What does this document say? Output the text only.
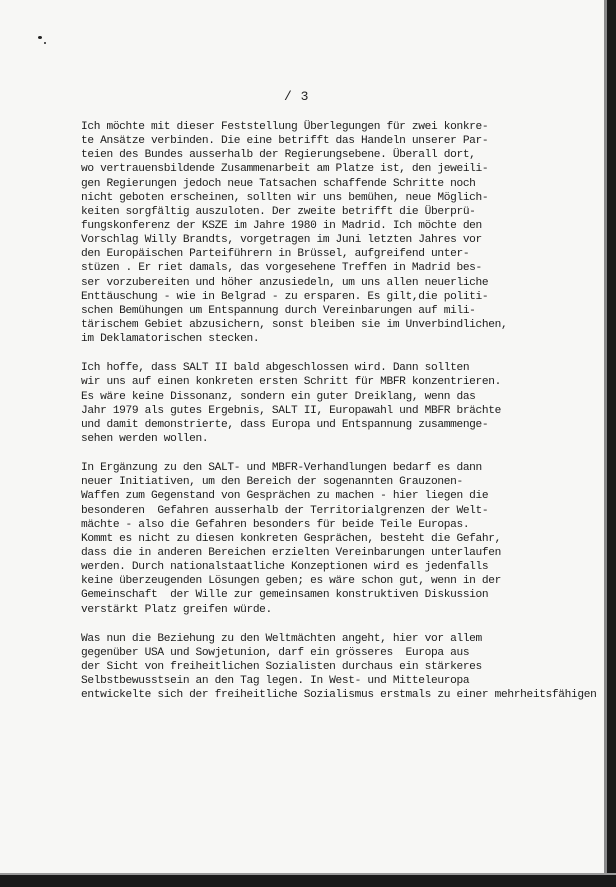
/ 3
Ich möchte mit dieser Feststellung Überlegungen für zwei konkre-
te Ansätze verbinden. Die eine betrifft das Handeln unserer Par-
teien des Bundes ausserhalb der Regierungsebene. Überall dort,
wo vertrauensbildende Zusammenarbeit am Platze ist, den jeweili-
gen Regierungen jedoch neue Tatsachen schaffende Schritte noch
nicht geboten erscheinen, sollten wir uns bemühen, neue Möglich-
keiten sorgfältig auszuloten. Der zweite betrifft die Überprü-
fungskonferenz der KSZE im Jahre 1980 in Madrid. Ich möchte den
Vorschlag Willy Brandts, vorgetragen im Juni letzten Jahres vor
den Europäischen Parteiführern in Brüssel, aufgreifend unter-
stüzen . Er riet damals, das vorgesehene Treffen in Madrid bes-
ser vorzubereiten und höher anzusiedeln, um uns allen neuerliche
Enttäuschung - wie in Belgrad - zu ersparen. Es gilt,die politi-
schen Bemühungen um Entspannung durch Vereinbarungen auf mili-
tärischem Gebiet abzusichern, sonst bleiben sie im Unverbindlichen,
im Deklamatorischen stecken.
Ich hoffe, dass SALT II bald abgeschlossen wird. Dann sollten
wir uns auf einen konkreten ersten Schritt für MBFR konzentrieren.
Es wäre keine Dissonanz, sondern ein guter Dreiklang, wenn das
Jahr 1979 als gutes Ergebnis, SALT II, Europawahl und MBFR brächte
und damit demonstrierte, dass Europa und Entspannung zusammenge-
sehen werden wollen.
In Ergänzung zu den SALT- und MBFR-Verhandlungen bedarf es dann
neuer Initiativen, um den Bereich der sogenannten Grauzonen-
Waffen zum Gegenstand von Gesprächen zu machen - hier liegen die
besonderen  Gefahren ausserhalb der Territorialgrenzen der Welt-
mächte - also die Gefahren besonders für beide Teile Europas.
Kommt es nicht zu diesen konkreten Gesprächen, besteht die Gefahr,
dass die in anderen Bereichen erzielten Vereinbarungen unterlaufen
werden. Durch nationalstaatliche Konzeptionen wird es jedenfalls
keine überzeugenden Lösungen geben; es wäre schon gut, wenn in der
Gemeinschaft  der Wille zur gemeinsamen konstruktiven Diskussion
verstärkt Platz greifen würde.
Was nun die Beziehung zu den Weltmächten angeht, hier vor allem
gegenüber USA und Sowjetunion, darf ein grösseres  Europa aus
der Sicht von freiheitlichen Sozialisten durchaus ein stärkeres
Selbstbewusstsein an den Tag legen. In West- und Mitteleuropa
entwickelte sich der freiheitliche Sozialismus erstmals zu einer mehrheitsfähigen
